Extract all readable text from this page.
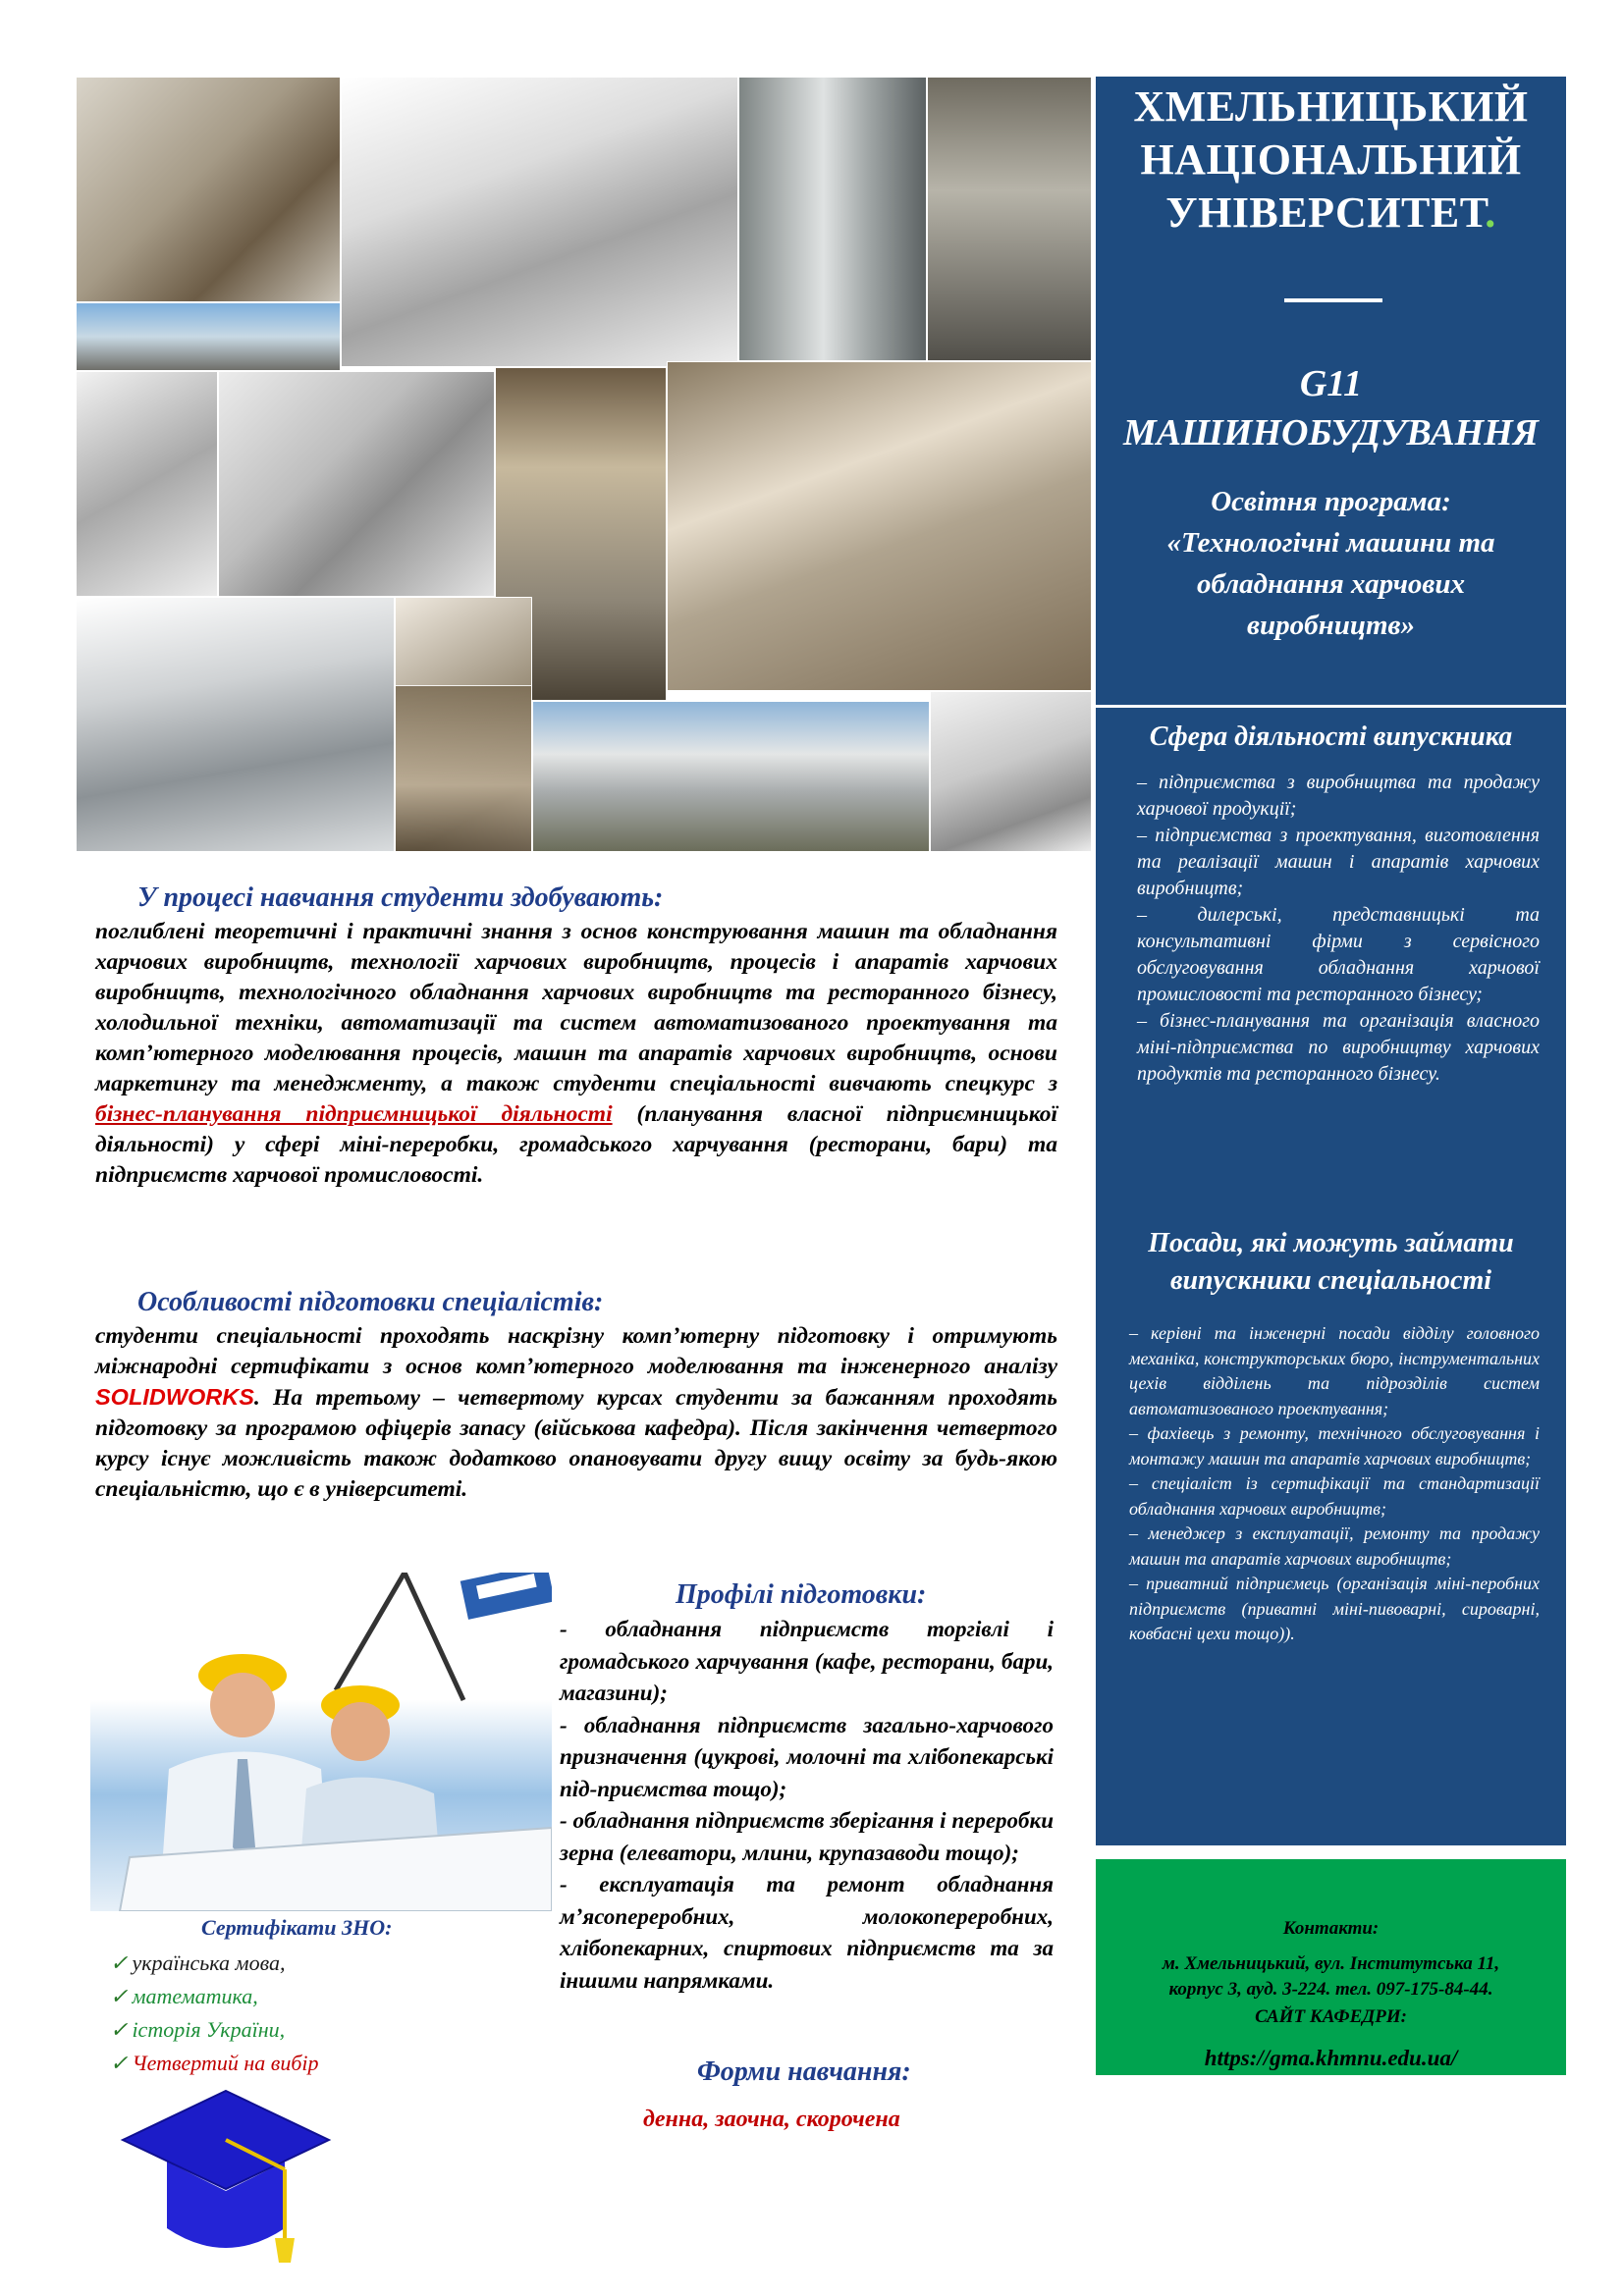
ХМЕЛЬНИЦЬКИЙ
НАЦІОНАЛЬНИЙ
УНІВЕРСИТЕТ.
G11
МАШИНОБУДУВАННЯ
Освітня програма:
«Технологічні машини та
обладнання харчових
виробництв»
Сфера діяльності випускника
– підприємства з виробництва та продажу харчової продукції;
– підприємства з проектування, виготовлення та реалізації машин і апаратів харчових виробництв;
– дилерські, представницькі та консультативні фірми з сервісного обслуговування обладнання харчової промисловості та ресторанного бізнесу;
– бізнес-планування та організація власного міні-підприємства по виробництву харчових продуктів та ресторанного бізнесу.
Посади, які можуть займати
випускники спеціальності
– керівні та інженерні посади відділу головного механіка, конструкторських бюро, інструментальних цехів відділень та підрозділів систем автоматизованого проектування;
– фахівець з ремонту, технічного обслуговування і монтажу машин та апаратів харчових виробництв;
– спеціаліст із сертифікації та стандартизації обладнання харчових виробництв;
– менеджер з експлуатації, ремонту та продажу машин та апаратів харчових виробництв;
– приватний підприємець (організація міні-перобних підприємств (приватні міні-пивоварні, сироварні, ковбасні цехи тощо)).
Контакти:
м. Хмельницький, вул. Інститутська 11,
корпус 3, ауд. 3-224. тел. 097-175-84-44.
САЙТ КАФЕДРИ:
https://gma.khmnu.edu.ua/
У процесі навчання студенти здобувають:
поглиблені теоретичні і практичні знання з основ конструювання машин та обладнання харчових виробництв, технології харчових виробництв, процесів і апаратів харчових виробництв, технологічного обладнання харчових виробництв та ресторанного бізнесу, холодильної техніки, автоматизації та систем автоматизованого проектування та комп’ютерного моделювання процесів, машин та апаратів харчових виробництв, основи маркетингу та менеджменту, а також студенти спеціальності вивчають спецкурс з бізнес-планування підприємницької діяльності (планування власної підприємницької діяльності) у сфері міні-переробки, громадського харчування (ресторани, бари) та підприємств харчової промисловості.
Особливості підготовки спеціалістів:
студенти спеціальності проходять наскрізну комп’ютерну підготовку і отримують міжнародні сертифікати з основ комп’ютерного моделювання та інженерного аналізу SOLIDWORKS. На третьому – четвертому курсах студенти за бажанням проходять підготовку за програмою офіцерів запасу (військова кафедра). Після закінчення четвертого курсу існує можливість також додатково опановувати другу вищу освіту за будь-якою спеціальністю, що є в університеті.
Сертифікати ЗНО:
✓ українська мова,
✓ математика,
✓ історія України,
✓ Четвертий на вибір
Профілі підготовки:
- обладнання підприємств торгівлі і громадського харчування (кафе, ресторани, бари, магазини);
- обладнання підприємств загально-харчового призначення (цукрові, молочні та хлібопекарські під-приємства тощо);
- обладнання підприємств зберігання і переробки зерна (елеватори, млини, крупазаводи тощо);
- експлуатація та ремонт обладнання м’ясопереробних, молокопереробних, хлібопекарних, спиртових підприємств та за іншими напрямками.
Форми навчання:
денна, заочна, скорочена
